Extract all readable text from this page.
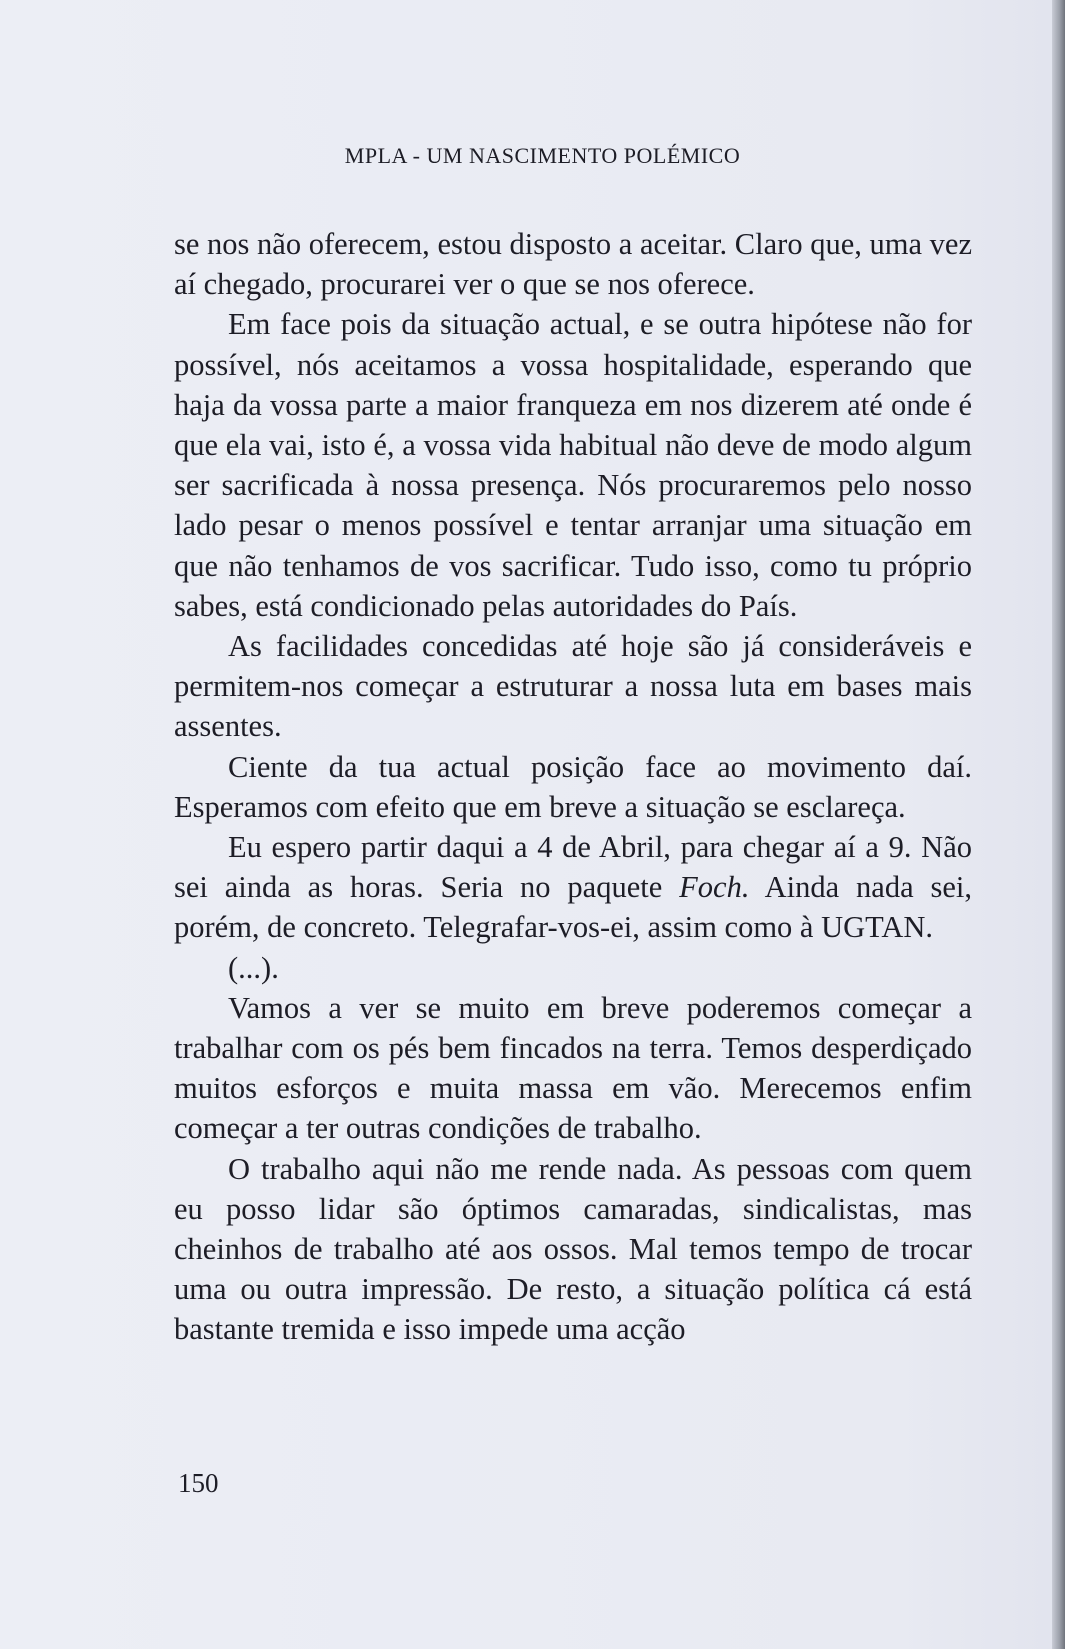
MPLA - UM NASCIMENTO POLÉMICO

se nos não oferecem, estou disposto a aceitar. Claro que, uma vez aí chegado, procurarei ver o que se nos oferece.

Em face pois da situação actual, e se outra hipótese não for possível, nós aceitamos a vossa hospitalidade, esperando que haja da vossa parte a maior franqueza em nos dizerem até onde é que ela vai, isto é, a vossa vida habitual não deve de modo algum ser sacrificada à nossa presença. Nós procuraremos pelo nosso lado pesar o menos possível e tentar arranjar uma situação em que não tenhamos de vos sacrificar. Tudo isso, como tu próprio sabes, está condicionado pelas autoridades do País.

As facilidades concedidas até hoje são já consideráveis e permitem-nos começar a estruturar a nossa luta em bases mais assentes.

Ciente da tua actual posição face ao movimento daí. Esperamos com efeito que em breve a situação se esclareça.

Eu espero partir daqui a 4 de Abril, para chegar aí a 9. Não sei ainda as horas. Seria no paquete Foch. Ainda nada sei, porém, de concreto. Telegrafar-vos-ei, assim como à UGTAN.

(...).

Vamos a ver se muito em breve poderemos começar a trabalhar com os pés bem fincados na terra. Temos desperdiçado muitos esforços e muita massa em vão. Merecemos enfim começar a ter outras condições de trabalho.

O trabalho aqui não me rende nada. As pessoas com quem eu posso lidar são óptimos camaradas, sindicalistas, mas cheinhos de trabalho até aos ossos. Mal temos tempo de trocar uma ou outra impressão. De resto, a situação política cá está bastante tremida e isso impede uma acção

150
